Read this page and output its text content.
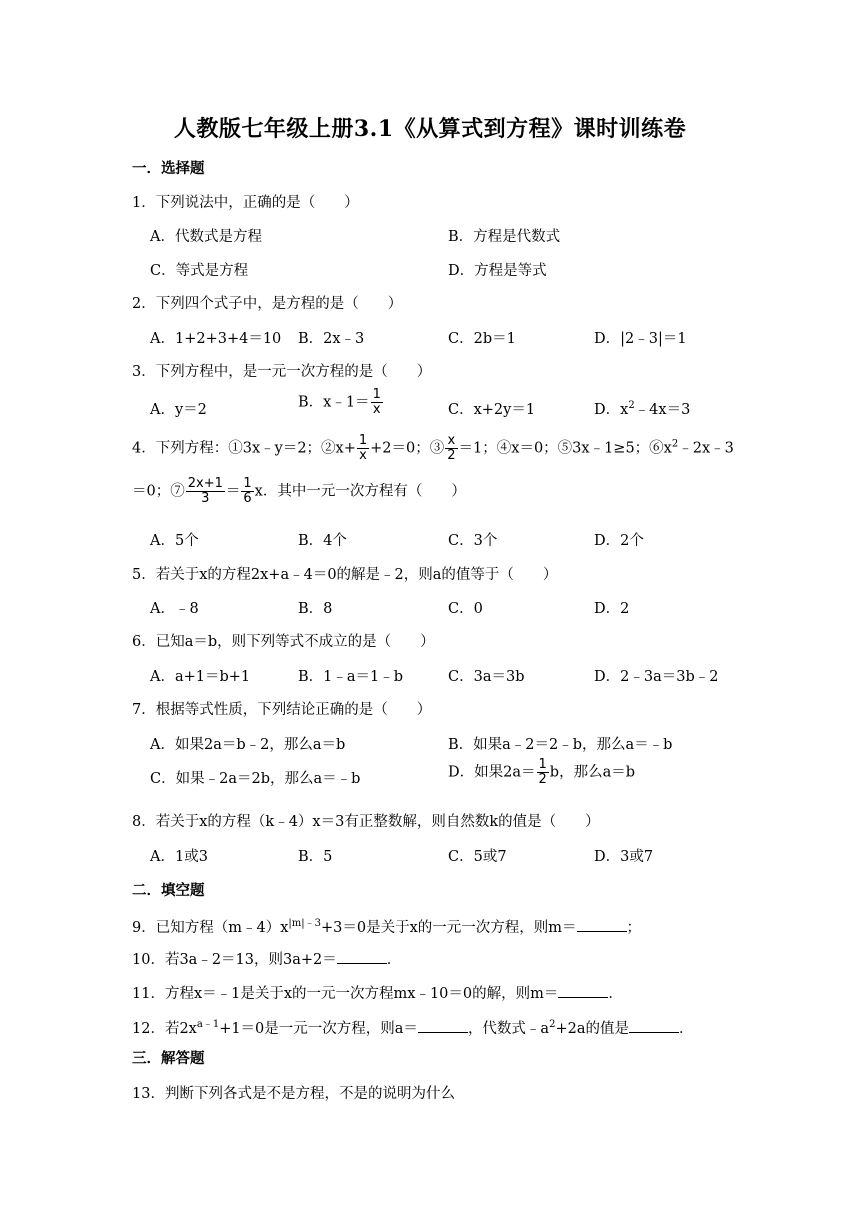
人教版七年级上册3.1《从算式到方程》课时训练卷
一．选择题
1．下列说法中，正确的是（　　）
A．代数式是方程	B．方程是代数式
C．等式是方程	D．方程是等式
2．下列四个式子中，是方程的是（　　）
A．1+2+3+4＝10 B．2x﹣3	C．2b＝1	D．|2﹣3|＝1
3．下列方程中，是一元一次方程的是（　　）
A．y＝2	B．x﹣1＝ $\frac{1}{x}$	C．x+2y＝1	D．$x^2﹣4x=3$
4．下列方程：①3x﹣y＝2；②x+ $\frac{1}{x} +2=0$；③ $\frac{x}{2} =1$；④x＝0；⑤3x﹣1≥5；$⑥x^2﹣2x﹣3$
＝0；⑦ $\frac{2x+1}{3} = \frac{1}{6}$ x．其中一元一次方程有（　　）
A．5个	B．4个	C．3个	D．2个
5．若关于x的方程2x+a﹣4＝0的解是﹣2，则a的值等于（　　）
A．﹣8	B．8	C．0	D．2
6．已知a＝b，则下列等式不成立的是（　　）
A．a+1＝b+1	B．1﹣a＝1﹣b	C．3a＝3b	D．2﹣3a＝3b﹣2
7．根据等式性质，下列结论正确的是（　　）
A．如果2a＝b﹣2，那么a＝b	B．如果a﹣2＝2﹣b，那么a＝﹣b
C．如果﹣2a＝2b，那么a＝﹣b	D．如果$2a= \frac{1}{2}$ b，那么a＝b
8．若关于x的方程（k﹣4）x＝3有正整数解，则自然数k的值是（　　）
A．1或3	B．5	C．5或7	D．3或7
二．填空题
9．已知方程$(m﹣4)x^{|m|﹣3}+3=0$是关于x的一元一次方程，则m＝	；
10．若3a﹣2＝13，则3a+2＝	．
11．方程x＝﹣1是关于x的一元一次方程mx﹣10＝0的解，则m＝	．
12．若$2x^{a﹣1}+1=0$是一元一次方程，则a＝	，代数式$﹣a^2+2a$的值是	．
三．解答题
13．判断下列各式是不是方程，不是的说明为什么
